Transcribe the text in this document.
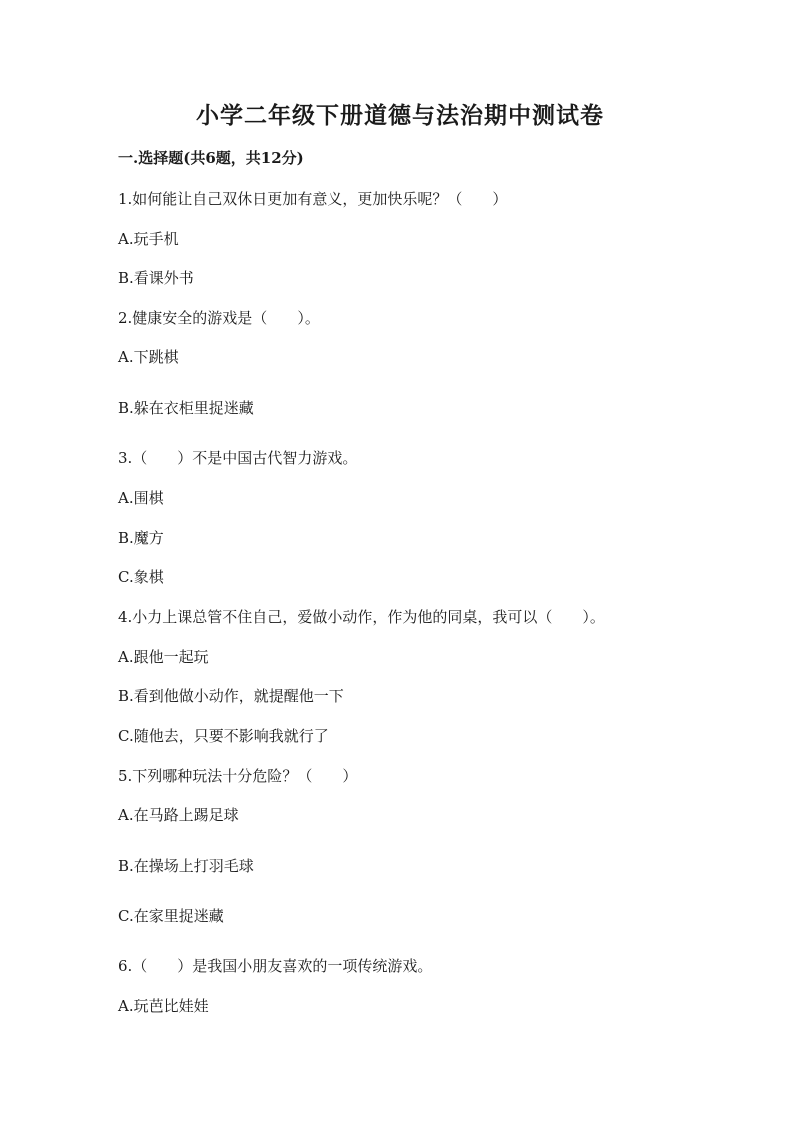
小学二年级下册道德与法治期中测试卷
一.选择题(共6题，共12分)
1.如何能让自己双休日更加有意义，更加快乐呢？（　　）
A.玩手机
B.看课外书
2.健康安全的游戏是（　　）。
A.下跳棋
B.躲在衣柜里捉迷藏
3.（　　）不是中国古代智力游戏。
A.围棋
B.魔方
C.象棋
4.小力上课总管不住自己，爱做小动作，作为他的同桌，我可以（　　）。
A.跟他一起玩
B.看到他做小动作，就提醒他一下
C.随他去，只要不影响我就行了
5.下列哪种玩法十分危险？（　　）
A.在马路上踢足球
B.在操场上打羽毛球
C.在家里捉迷藏
6.（　　）是我国小朋友喜欢的一项传统游戏。
A.玩芭比娃娃
